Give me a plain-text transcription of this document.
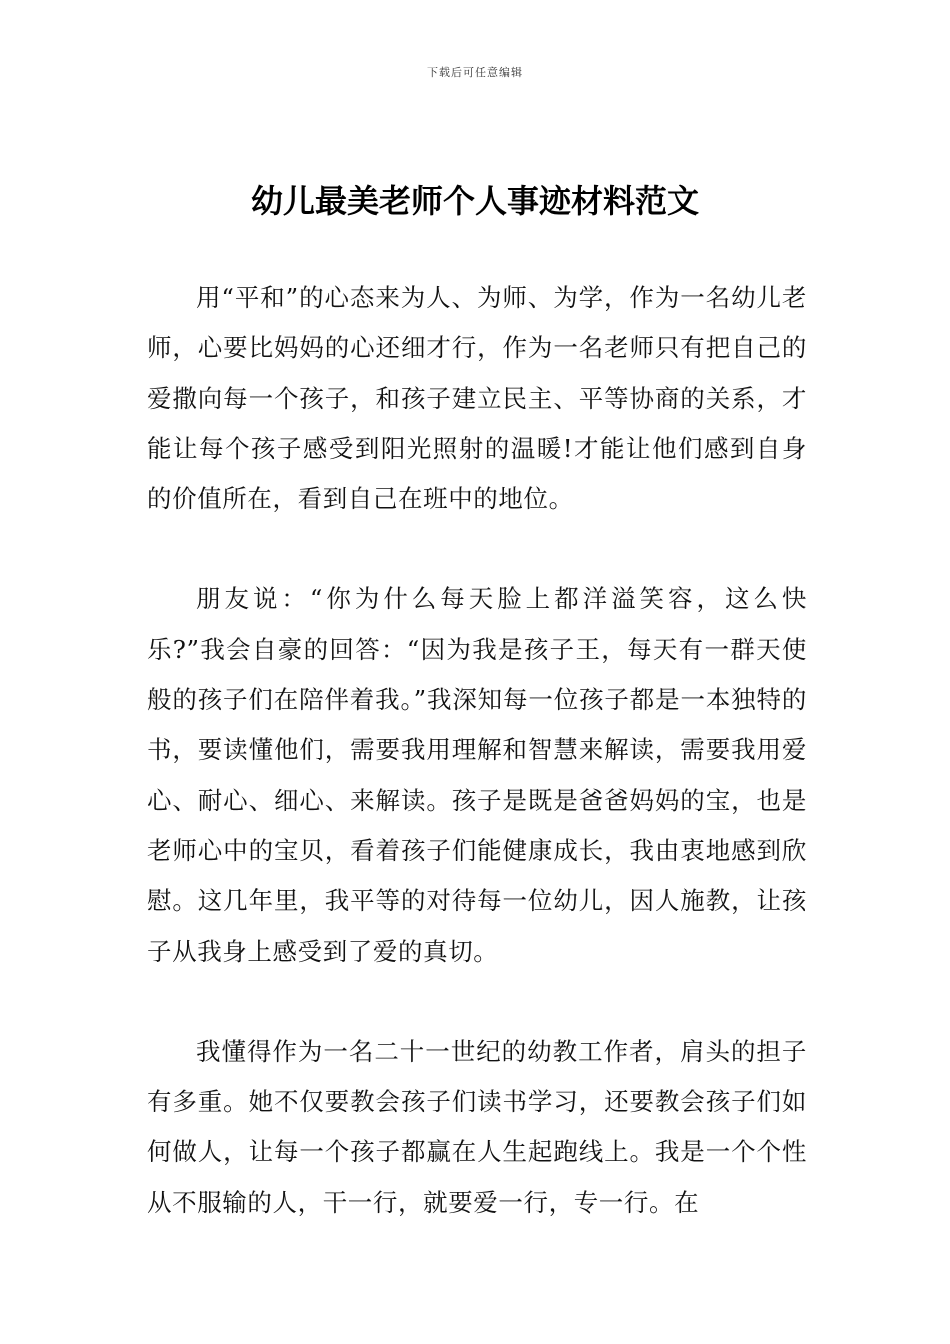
下载后可任意编辑
幼儿最美老师个人事迹材料范文

用“平和”的心态来为人、为师、为学，作为一名幼儿老师，心要比妈妈的心还细才行，作为一名老师只有把自己的爱撒向每一个孩子，和孩子建立民主、平等协商的关系，才能让每个孩子感受到阳光照射的温暖!才能让他们感到自身的价值所在，看到自己在班中的地位。

朋友说：“你为什么每天脸上都洋溢笑容，这么快乐?”我会自豪的回答：“因为我是孩子王，每天有一群天使般的孩子们在陪伴着我。”我深知每一位孩子都是一本独特的书，要读懂他们，需要我用理解和智慧来解读，需要我用爱心、耐心、细心、来解读。孩子是既是爸爸妈妈的宝，也是老师心中的宝贝，看着孩子们能健康成长，我由衷地感到欣慰。这几年里，我平等的对待每一位幼儿，因人施教，让孩子从我身上感受到了爱的真切。

我懂得作为一名二十一世纪的幼教工作者，肩头的担子有多重。她不仅要教会孩子们读书学习，还要教会孩子们如何做人，让每一个孩子都赢在人生起跑线上。我是一个个性从不服输的人，干一行，就要爱一行，专一行。在
